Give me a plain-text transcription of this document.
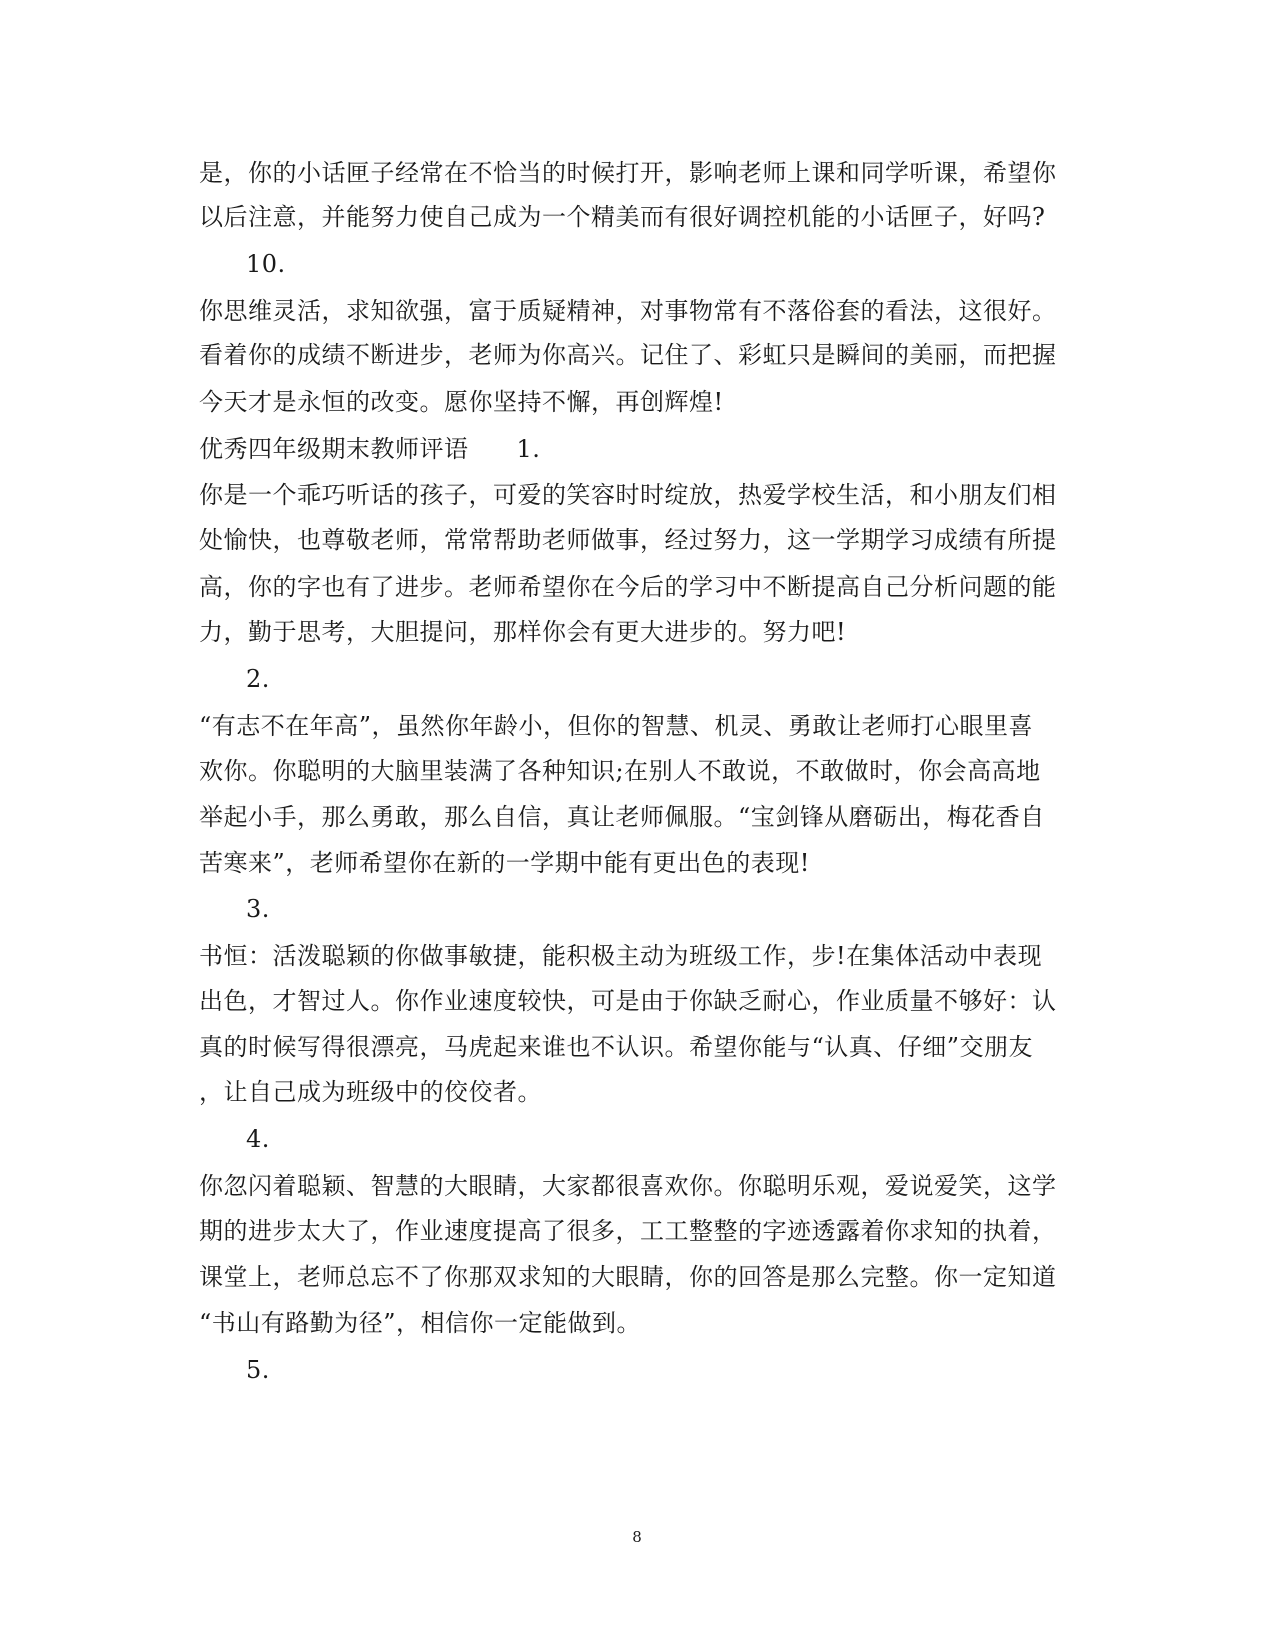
是，你的小话匣子经常在不恰当的时候打开，影响老师上课和同学听课，希望你
以后注意，并能努力使自己成为一个精美而有很好调控机能的小话匣子，好吗?
10.
你思维灵活，求知欲强，富于质疑精神，对事物常有不落俗套的看法，这很好。
看着你的成绩不断进步，老师为你高兴。记住了、彩虹只是瞬间的美丽，而把握
今天才是永恒的改变。愿你坚持不懈，再创辉煌!
优秀四年级期末教师评语 1.
你是一个乖巧听话的孩子，可爱的笑容时时绽放，热爱学校生活，和小朋友们相
处愉快，也尊敬老师，常常帮助老师做事，经过努力，这一学期学习成绩有所提
高，你的字也有了进步。老师希望你在今后的学习中不断提高自己分析问题的能
力，勤于思考，大胆提问，那样你会有更大进步的。努力吧!
2.
“有志不在年高”，虽然你年龄小，但你的智慧、机灵、勇敢让老师打心眼里喜
欢你。你聪明的大脑里装满了各种知识;在别人不敢说，不敢做时，你会高高地
举起小手，那么勇敢，那么自信，真让老师佩服。“宝剑锋从磨砺出，梅花香自
苦寒来”，老师希望你在新的一学期中能有更出色的表现!
3.
书恒：活泼聪颖的你做事敏捷，能积极主动为班级工作，步!在集体活动中表现
出色，才智过人。你作业速度较快，可是由于你缺乏耐心，作业质量不够好：认
真的时候写得很漂亮，马虎起来谁也不认识。希望你能与“认真、仔细”交朋友
，让自己成为班级中的佼佼者。
4.
你忽闪着聪颖、智慧的大眼睛，大家都很喜欢你。你聪明乐观，爱说爱笑，这学
期的进步太大了，作业速度提高了很多，工工整整的字迹透露着你求知的执着，
课堂上，老师总忘不了你那双求知的大眼睛，你的回答是那么完整。你一定知道
“书山有路勤为径”，相信你一定能做到。
5.
8
